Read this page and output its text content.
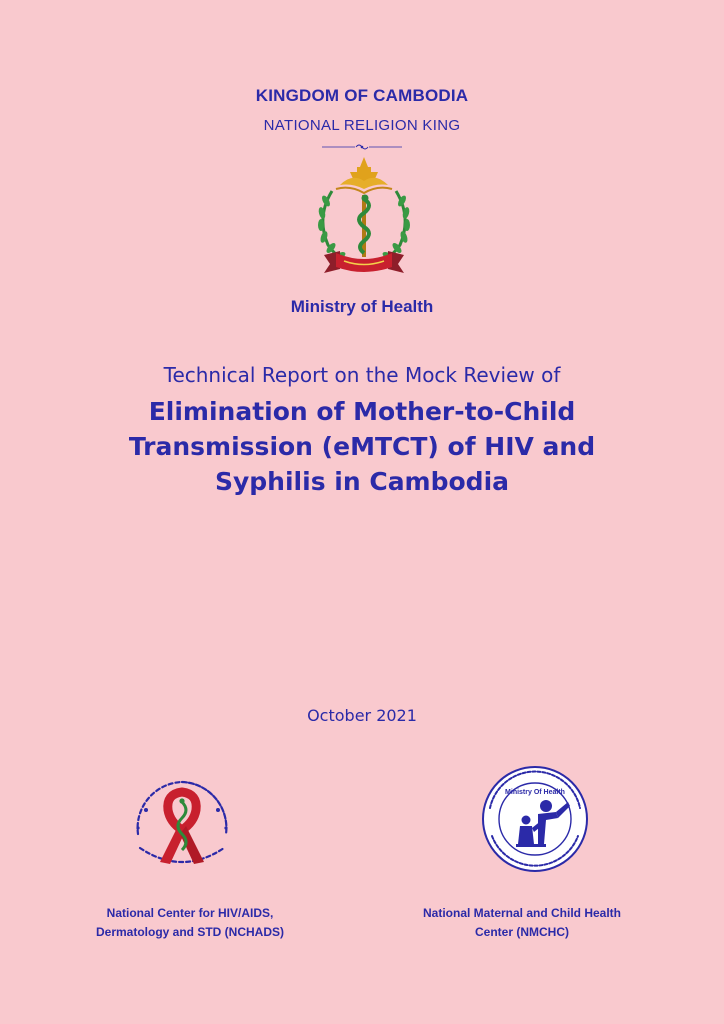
KINGDOM OF CAMBODIA

NATIONAL RELIGION KING

Ministry of Health

Technical Report on the Mock Review of

Elimination of Mother-to-Child Transmission (eMTCT) of HIV and Syphilis in Cambodia

October 2021

Ministry Of Health

National Center for HIV/AIDS,
Dermatology and STD (NCHADS)

National Maternal and Child Health
Center (NMCHC)
